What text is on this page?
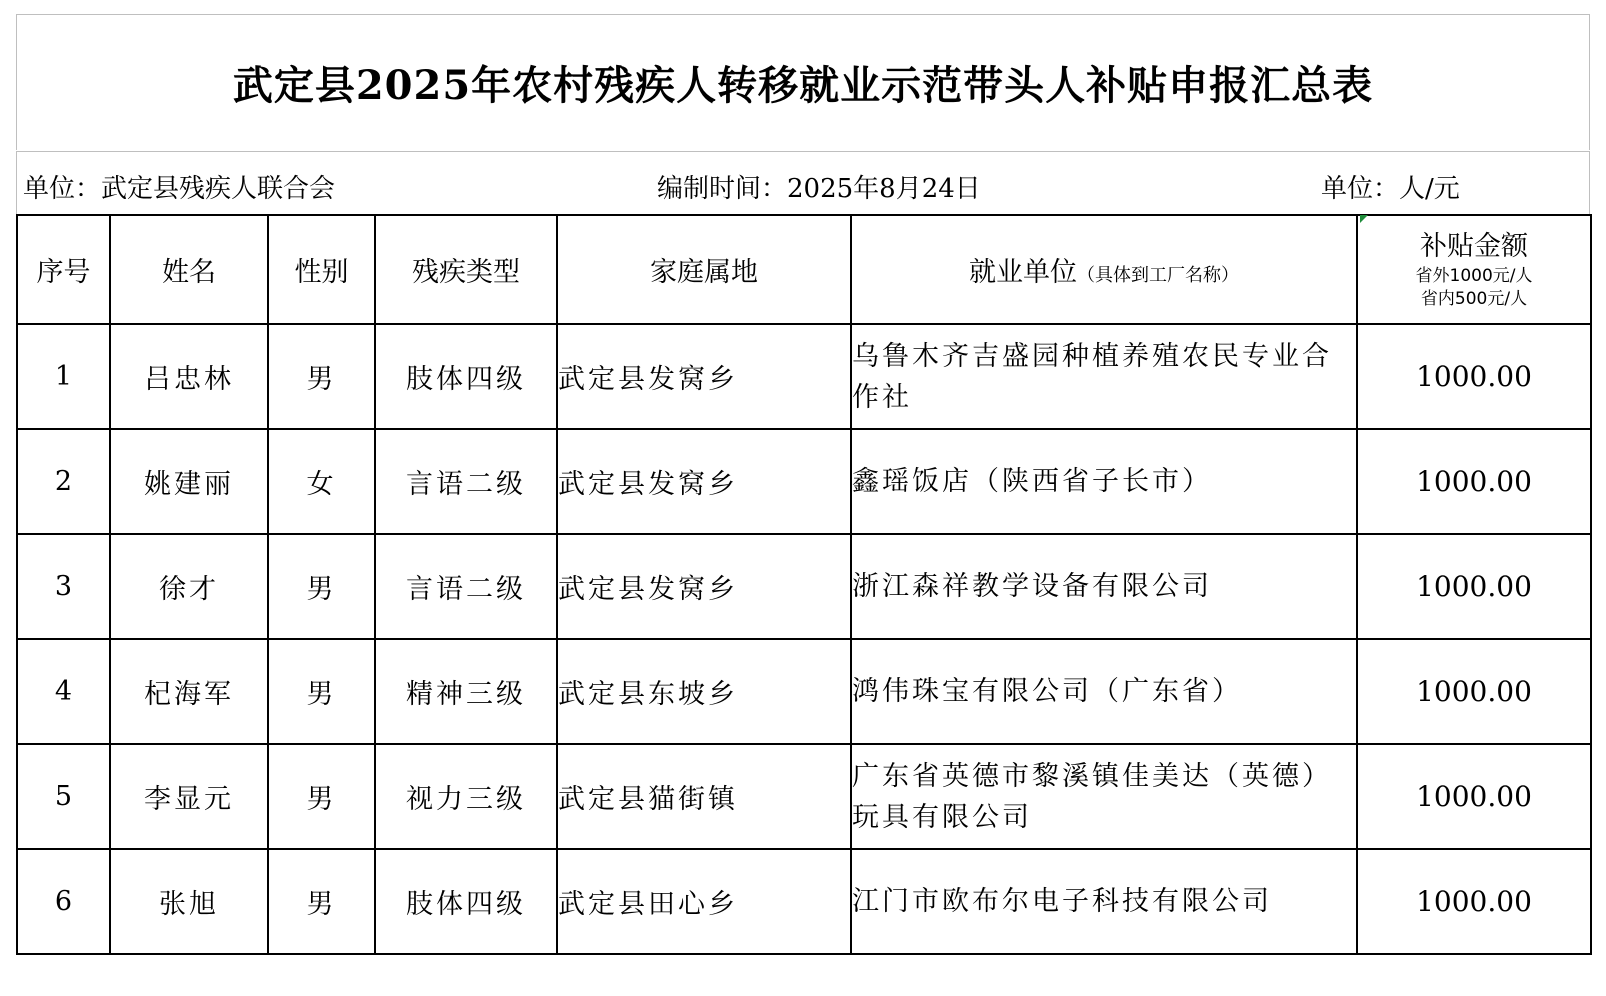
武定县2025年农村残疾人转移就业示范带头人补贴申报汇总表
单位：武定县残疾人联合会	编制时间：2025年8月24日	单位：人/元
序号	姓名	性别	残疾类型	家庭属地	就业单位（具体到工厂名称）	补贴金额
省外1000元/人
省内500元/人

1	吕忠林	男	肢体四级	武定县发窝乡	乌鲁木齐吉盛园种植养殖农民专业合作社	1000.00
2	姚建丽	女	言语二级	武定县发窝乡	鑫瑶饭店（陕西省子长市）	1000.00
3	徐才	男	言语二级	武定县发窝乡	浙江森祥教学设备有限公司	1000.00
4	杞海军	男	精神三级	武定县东坡乡	鸿伟珠宝有限公司（广东省）	1000.00
5	李显元	男	视力三级	武定县猫街镇	广东省英德市黎溪镇佳美达（英德）玩具有限公司	1000.00
6	张旭	男	肢体四级	武定县田心乡	江门市欧布尔电子科技有限公司	1000.00
